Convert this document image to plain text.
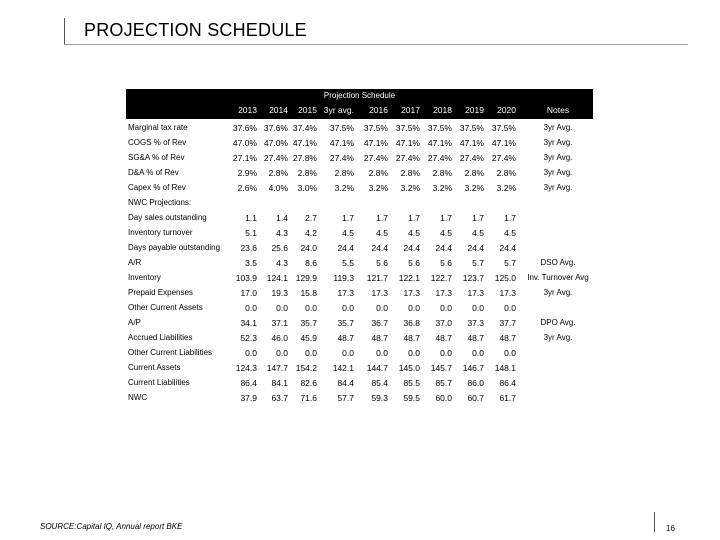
PROJECTION SCHEDULE
Projection Schedule
2013	2014	2015 3yr avg.	2016	2017	2018	2019	2020	Notes
Marginal tax rate	37.6% 37.6% 37.4%	37.5%	37.5% 37.5% 37.5% 37.5% 37.5%	3yr Avg.
COGS % of Rev	47.0% 47.0% 47.1%	47.1%	47.1% 47.1% 47.1% 47.1% 47.1%	3yr Avg.
SG&A % of Rev	27.1% 27.4% 27.8%	27.4%	27.4% 27.4% 27.4% 27.4% 27.4%	3yr Avg.
D&A % of Rev	2.9%	2.8%	2.8%	2.8%	2.8%	2.8%	2.8%	2.8%	2.8%	3yr Avg.
Capex % of Rev	2.6%	4.0%	3.0%	3.2%	3.2%	3.2%	3.2%	3.2%	3.2%	3yr Avg.
NWC Projections:
Day sales outstanding	1.1	1.4	2.7	1.7	1.7	1.7	1.7	1.7	1.7
Inventory turnover	5.1	4.3	4.2	4.5	4.5	4.5	4.5	4.5	4.5
Days payable outstanding	23.6	25.6	24.0	24.4	24.4	24.4	24.4	24.4	24.4
A/R	3.5	4.3	8.6	5.5	5.6	5.6	5.6	5.7	5.7	DSO Avg.
Inventory	103.9	124.1 129.9	119.3	121.7	122.1	122.7	123.7	125.0	Inv. Turnover Avg
Prepaid Expenses	17.0	19.3	15.8	17.3	17.3	17.3	17.3	17.3	17.3	3yr Avg.
Other Current Assets	0.0	0.0	0.0	0.0	0.0	0.0	0.0	0.0	0.0
A/P	34.1	37.1	35.7	35.7	36.7	36.8	37.0	37.3	37.7	DPO Avg.
Accrued Liabilities	52.3	46.0	45.9	48.7	48.7	48.7	48.7	48.7	48.7	3yr Avg.
Other Current Liabilities	0.0	0.0	0.0	0.0	0.0	0.0	0.0	0.0	0.0
Current Assets	124.3	147.7 154.2	142.1	144.7	145.0	145.7	146.7	148.1
Current Liabilities	86.4	84.1	82.6	84.4	85.4	85.5	85.7	86.0	86.4
NWC	37.9	63.7	71.6	57.7	59.3	59.5	60.0	60.7	61.7
SOURCE:Capital IQ, Annual report BKE	16
